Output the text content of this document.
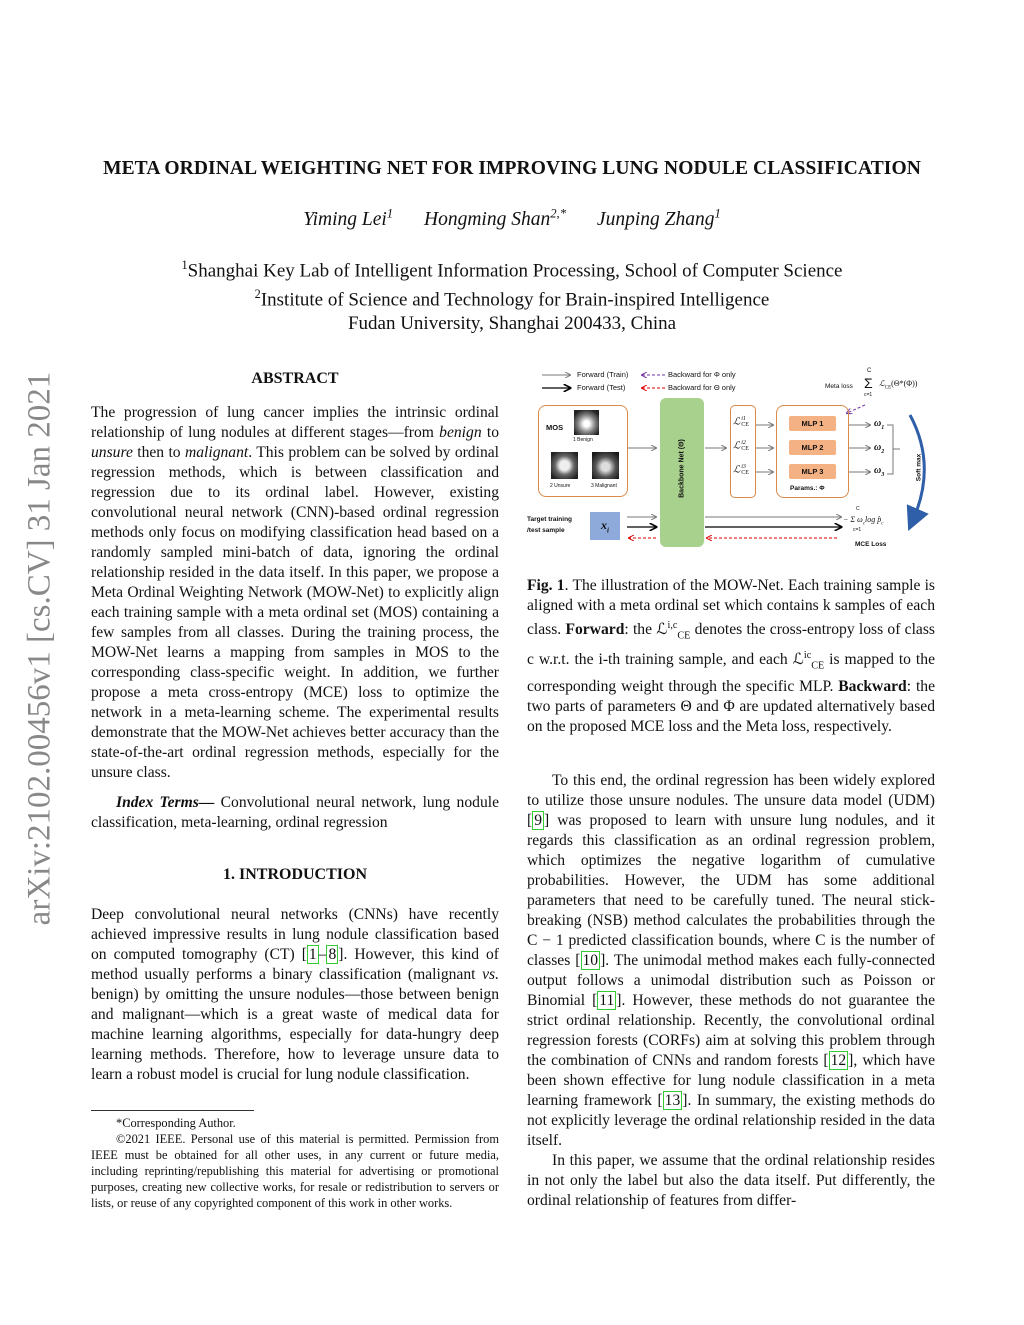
arXiv:2102.00456v1 [cs.CV] 31 Jan 2021
META ORDINAL WEIGHTING NET FOR IMPROVING LUNG NODULE CLASSIFICATION
Yiming Lei$^1$ Hongming Shan$^{2,*}$ Junping Zhang$^1$
$^1$Shanghai Key Lab of Intelligent Information Processing, School of Computer Science
$^2$Institute of Science and Technology for Brain-inspired Intelligence
Fudan University, Shanghai 200433, China
ABSTRACT

The progression of lung cancer implies the intrinsic ordinal relationship of lung nodules at different stages—from benign to unsure then to malignant. This problem can be solved by ordinal regression methods, which is between classification and regression due to its ordinal label. However, existing convolutional neural network (CNN)-based ordinal regression methods only focus on modifying classification head based on a randomly sampled mini-batch of data, ignoring the ordinal relationship resided in the data itself. In this paper, we propose a Meta Ordinal Weighting Network (MOW-Net) to explicitly align each training sample with a meta ordinal set (MOS) containing a few samples from all classes. During the training process, the MOW-Net learns a mapping from samples in MOS to the corresponding class-specific weight. In addition, we further propose a meta cross-entropy (MCE) loss to optimize the network in a meta-learning scheme. The experimental results demonstrate that the MOW-Net achieves better accuracy than the state-of-the-art ordinal regression methods, especially for the unsure class.

Index Terms— Convolutional neural network, lung nodule classification, meta-learning, ordinal regression

1. INTRODUCTION

Deep convolutional neural networks (CNNs) have recently achieved impressive results in lung nodule classification based on computed tomography (CT) [ 1 – 8 ]. However, this kind of method usually performs a binary classification (malignant vs. benign) by omitting the unsure nodules—those between benign and malignant—which is a great waste of medical data for machine learning algorithms, especially for data-hungry deep learning methods. Therefore, how to leverage unsure data to learn a robust model is crucial for lung nodule classification.

*Corresponding Author.

©2021 IEEE. Personal use of this material is permitted. Permission from IEEE must be obtained for all other uses, in any current or future media, including reprinting/republishing this material for advertising or promotional purposes, creating new collective works, for resale or redistribution to servers or lists, or reuse of any copyrighted component of this work in other works.

Forward (Train)
Forward (Test)
Backward for Φ only
Backward for Θ only
MOS
1 Benign
2 Unsure	3 Malignant	Backbone Net (Θ)
ℒ i1
CE
ℒ i2
CE
ℒ i3
CE
MLP 1
MLP 2
MLP 3
Params.: Φ
$\omega_1$
$\omega_2$
$\omega_3$
Meta loss
C
Σ
c=1
ℒ$_{CE}$(Θ*(Φ))
Soft max
Target training /test sample	$x_i$
C
− Σ $\omega_c\log$ $p̂_c$
c=1
MCE Loss

Fig. 1. The illustration of the MOW-Net. Each training sample is aligned with a meta ordinal set which contains k samples of each class. Forward: the ℒ$^{i,c}_{CE}$ denotes the cross-entropy loss of class c w.r.t. the i-th training sample, and each ℒ$^{ic}_{CE}$ is mapped to the corresponding weight through the specific MLP. Backward: the two parts of parameters Θ and Φ are updated alternatively based on the proposed MCE loss and the Meta loss, respectively.

To this end, the ordinal regression has been widely explored to utilize those unsure nodules. The unsure data model (UDM) [ 9 ] was proposed to learn with unsure lung nodules, and it regards this classification as an ordinal regression problem, which optimizes the negative logarithm of cumulative probabilities. However, the UDM has some additional parameters that need to be carefully tuned. The neural stick-breaking (NSB) method calculates the probabilities through the C − 1 predicted classification bounds, where C is the number of classes [ 10 ]. The unimodal method makes each fully-connected output follows a unimodal distribution such as Poisson or Binomial [ 11 ]. However, these methods do not guarantee the strict ordinal relationship. Recently, the convolutional ordinal regression forests (CORFs) aim at solving this problem through the combination of CNNs and random forests [ 12 ], which have been shown effective for lung nodule classification in a meta learning framework [ 13 ]. In summary, the existing methods do not explicitly leverage the ordinal relationship resided in the data itself.

In this paper, we assume that the ordinal relationship resides in not only the label but also the data itself. Put differently, the ordinal relationship of features from differ-
